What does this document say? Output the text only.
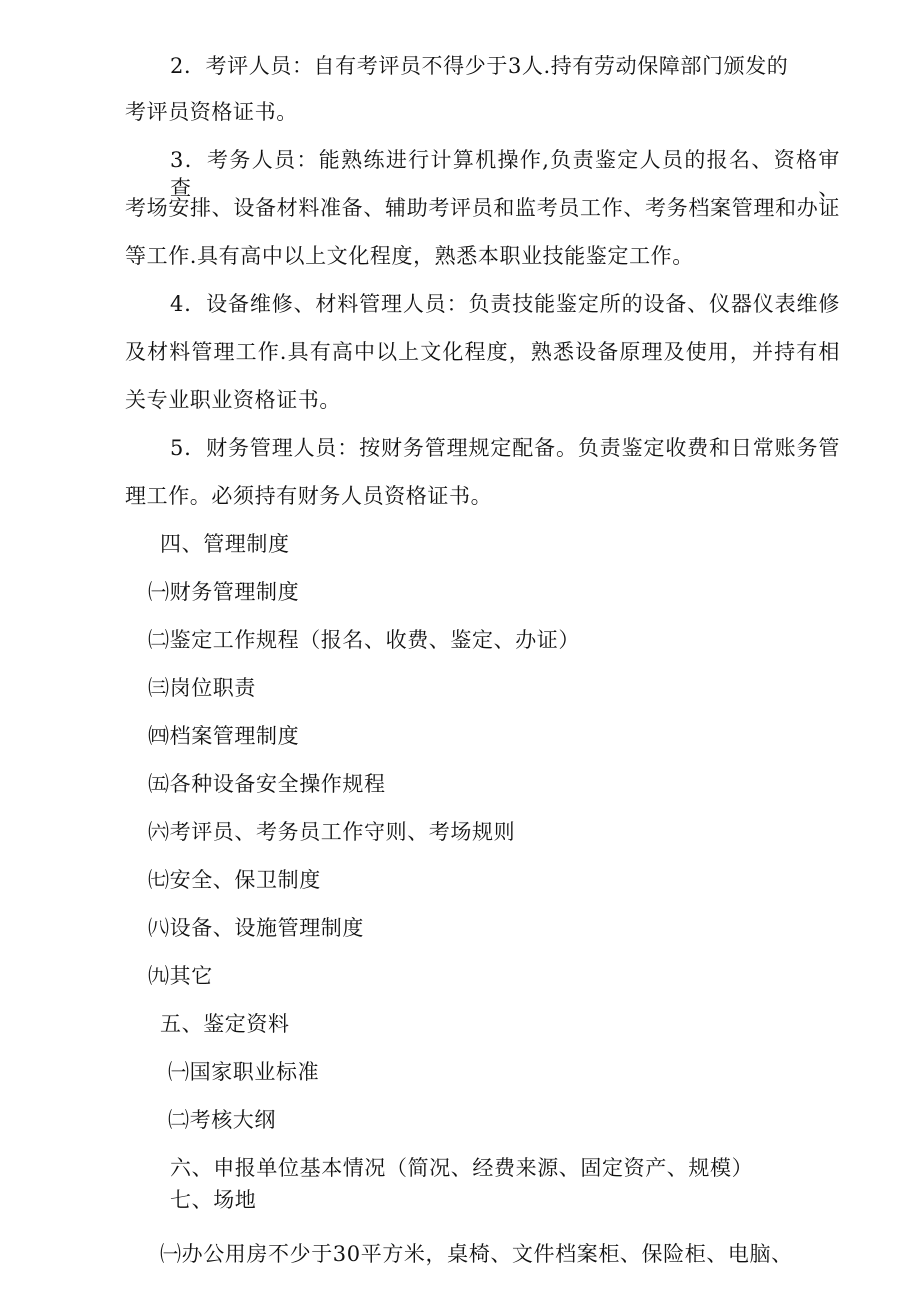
2．考评人员：自有考评员不得少于3人.持有劳动保障部门颁发的
考评员资格证书。
3．考务人员：能熟练进行计算机操作,负责鉴定人员的报名、资格审查、
考场安排、设备材料准备、辅助考评员和监考员工作、考务档案管理和办证
等工作.具有高中以上文化程度，熟悉本职业技能鉴定工作。
4．设备维修、材料管理人员：负责技能鉴定所的设备、仪器仪表维修
及材料管理工作.具有高中以上文化程度，熟悉设备原理及使用，并持有相
关专业职业资格证书。
5．财务管理人员：按财务管理规定配备。负责鉴定收费和日常账务管
理工作。必须持有财务人员资格证书。
四、管理制度
㈠财务管理制度
㈡鉴定工作规程（报名、收费、鉴定、办证）
㈢岗位职责
㈣档案管理制度
㈤各种设备安全操作规程
㈥考评员、考务员工作守则、考场规则
㈦安全、保卫制度
㈧设备、设施管理制度
㈨其它
五、鉴定资料
㈠国家职业标准
㈡考核大纲
六、申报单位基本情况（简况、经费来源、固定资产、规模）
七、场地
㈠办公用房不少于30平方米，桌椅、文件档案柜、保险柜、电脑、
